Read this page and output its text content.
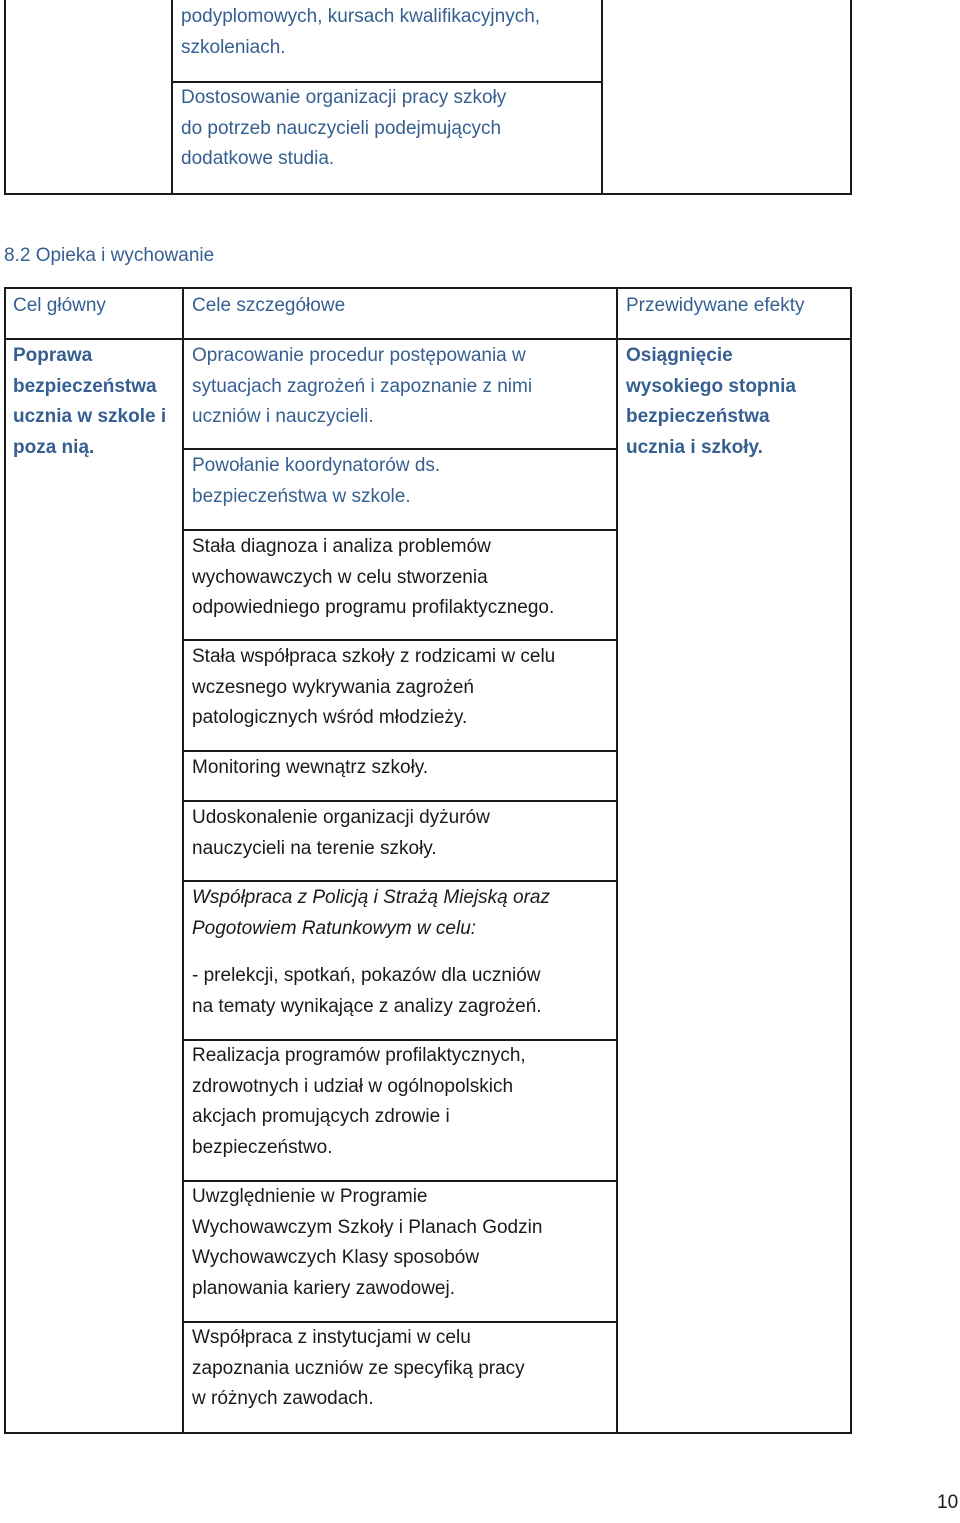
podyplomowych, kursach kwalifikacyjnych,
szkoleniach.
Dostosowanie organizacji pracy szkoły
do potrzeb nauczycieli podejmujących
dodatkowe studia.
8.2 Opieka i wychowanie
Cel główny	Cele szczegółowe	Przewidywane efekty
Poprawa
bezpieczeństwa
ucznia w szkole i
poza nią.
Osiągnięcie
wysokiego stopnia
bezpieczeństwa
ucznia i szkoły.
Opracowanie procedur postępowania w
sytuacjach zagrożeń i zapoznanie z nimi
uczniów i nauczycieli.
Powołanie koordynatorów ds.
bezpieczeństwa w szkole.
Stała diagnoza i analiza problemów
wychowawczych w celu stworzenia
odpowiedniego programu profilaktycznego.
Stała współpraca szkoły z rodzicami w celu
wczesnego wykrywania zagrożeń
patologicznych wśród młodzieży.
Monitoring wewnątrz szkoły.
Udoskonalenie organizacji dyżurów
nauczycieli na terenie szkoły.
Współpraca z Policją i Strażą Miejską oraz
Pogotowiem Ratunkowym w celu:
- prelekcji, spotkań, pokazów dla uczniów
na tematy wynikające z analizy zagrożeń.
Realizacja programów profilaktycznych,
zdrowotnych i udział w ogólnopolskich
akcjach promujących zdrowie i
bezpieczeństwo.
Uwzględnienie w Programie
Wychowawczym Szkoły i Planach Godzin
Wychowawczych Klasy sposobów
planowania kariery zawodowej.
Współpraca z instytucjami w celu
zapoznania uczniów ze specyfiką pracy
w różnych zawodach.
10
